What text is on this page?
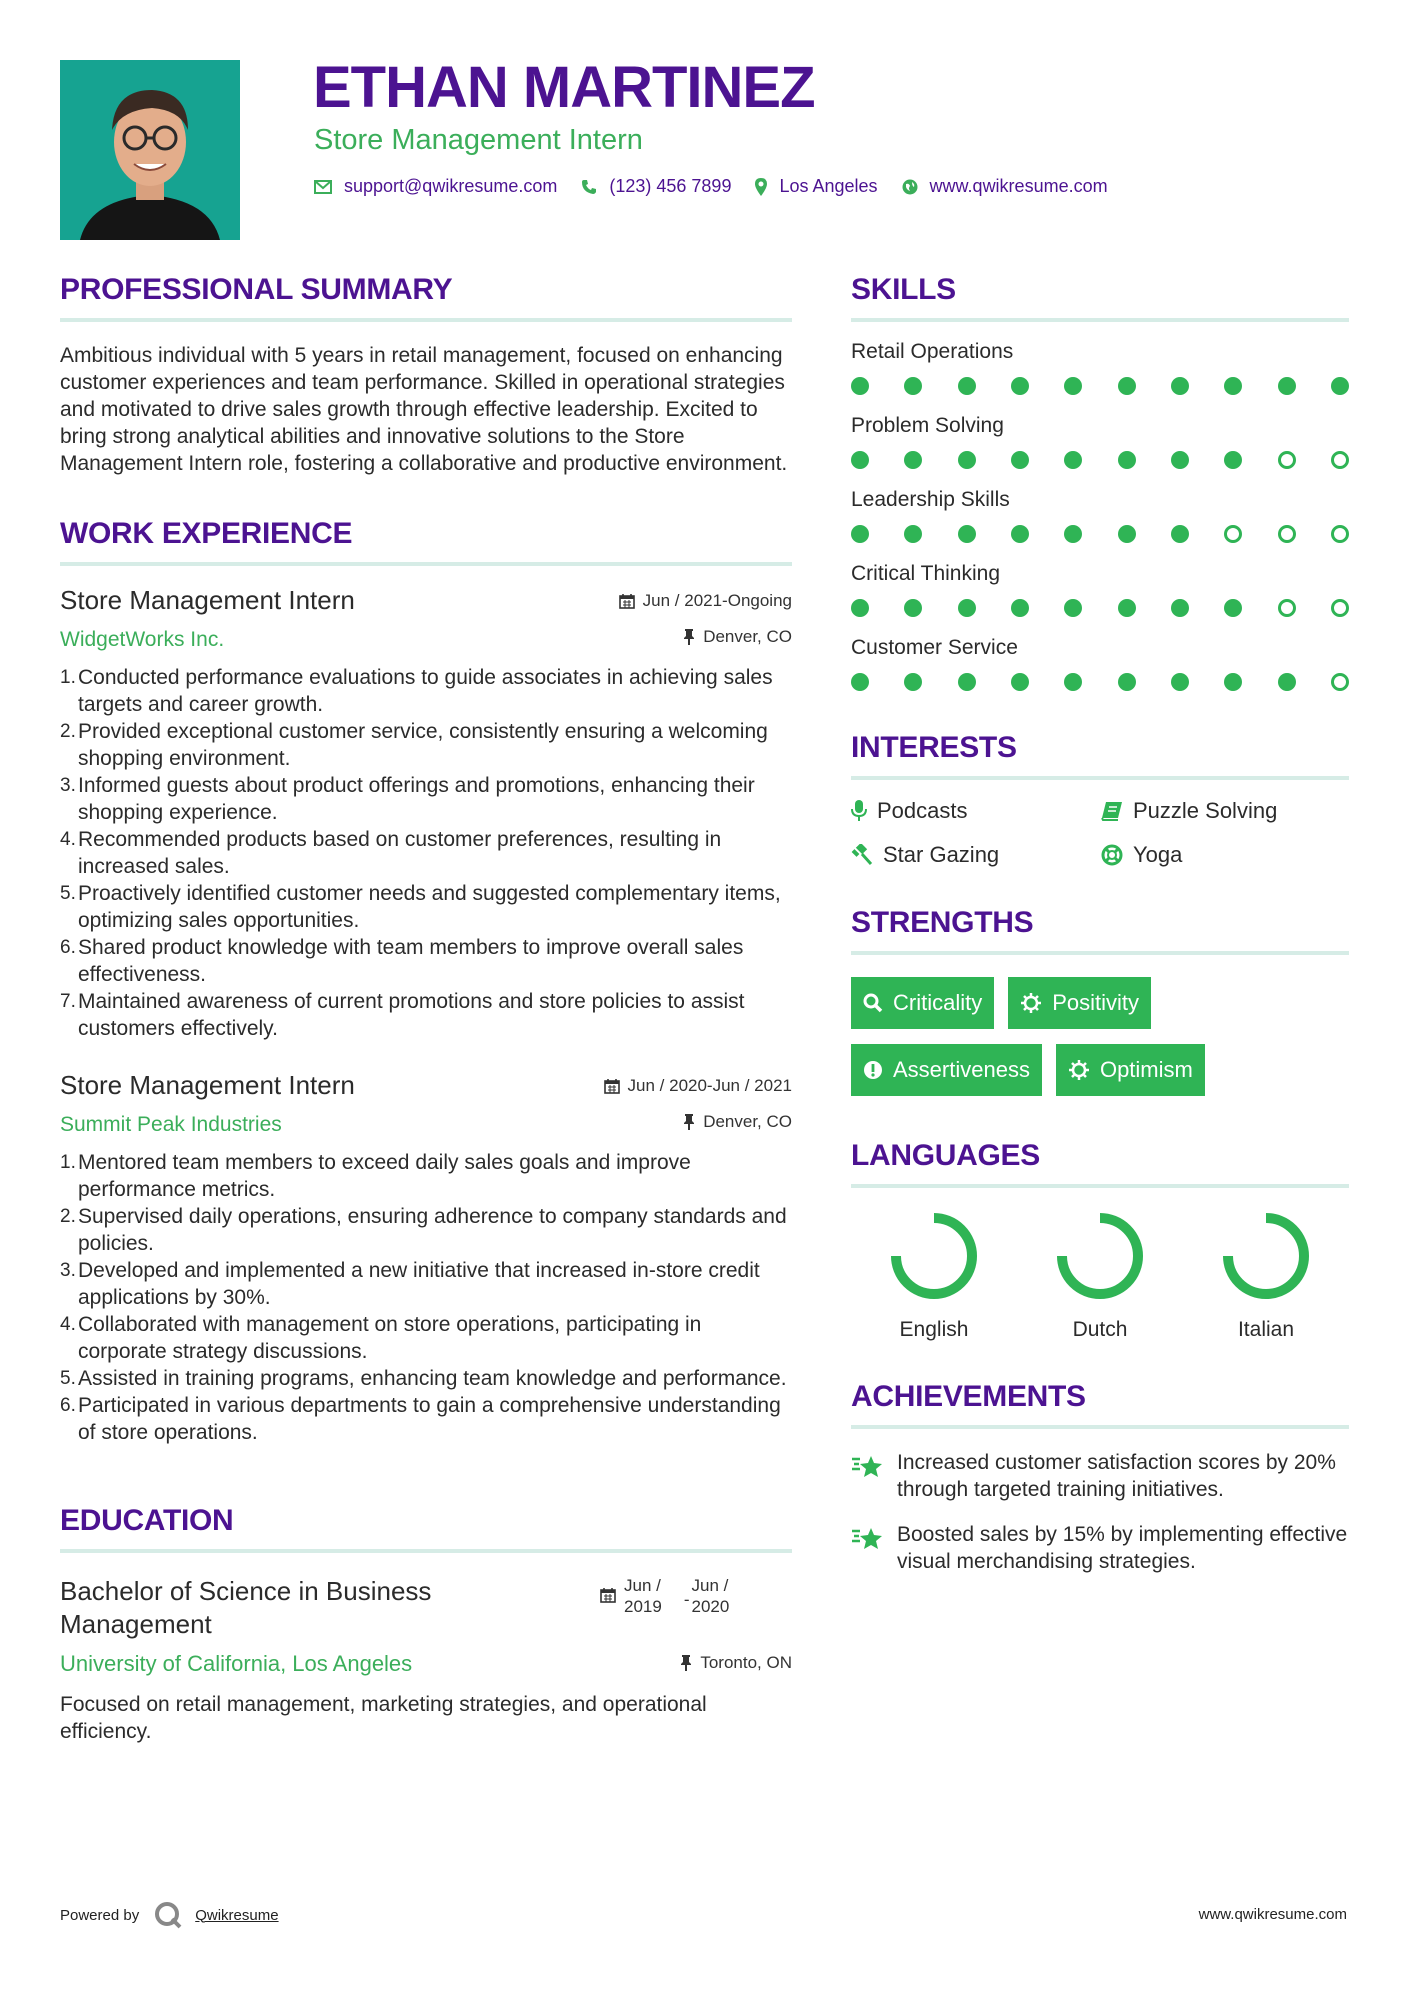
ETHAN MARTINEZ
Store Management Intern
support@qwikresume.com	(123) 456 7899	Los Angeles	www.qwikresume.com
PROFESSIONAL SUMMARY
Ambitious individual with 5 years in retail management, focused on enhancing customer experiences and team performance. Skilled in operational strategies and motivated to drive sales growth through effective leadership. Excited to bring strong analytical abilities and innovative solutions to the Store Management Intern role, fostering a collaborative and productive environment.
WORK EXPERIENCE
Store Management Intern	Jun / 2021-Ongoing
WidgetWorks Inc.	Denver, CO
1. Conducted performance evaluations to guide associates in achieving sales targets and career growth.
2. Provided exceptional customer service, consistently ensuring a welcoming shopping environment.
3. Informed guests about product offerings and promotions, enhancing their shopping experience.
4. Recommended products based on customer preferences, resulting in increased sales.
5. Proactively identified customer needs and suggested complementary items, optimizing sales opportunities.
6. Shared product knowledge with team members to improve overall sales effectiveness.
7. Maintained awareness of current promotions and store policies to assist customers effectively.
Store Management Intern	Jun / 2020-Jun / 2021
Summit Peak Industries	Denver, CO
1. Mentored team members to exceed daily sales goals and improve performance metrics.
2. Supervised daily operations, ensuring adherence to company standards and policies.
3. Developed and implemented a new initiative that increased in-store credit applications by 30%.
4. Collaborated with management on store operations, participating in corporate strategy discussions.
5. Assisted in training programs, enhancing team knowledge and performance.
6. Participated in various departments to gain a comprehensive understanding of store operations.
EDUCATION
Bachelor of Science in Business Management
Jun /
2019 -
Jun /
2020
University of California, Los Angeles	Toronto, ON
Focused on retail management, marketing strategies, and operational efficiency.
SKILLS
Retail Operations
Problem Solving
Leadership Skills
Critical Thinking
Customer Service
INTERESTS
Podcasts	Puzzle Solving
Star Gazing	Yoga
STRENGTHS
Criticality	Positivity
Assertiveness	Optimism
LANGUAGES
English	Dutch	Italian
ACHIEVEMENTS
Increased customer satisfaction scores by 20% through targeted training initiatives.
Boosted sales by 15% by implementing effective visual merchandising strategies.
Powered by	Qwikresume	www.qwikresume.com
